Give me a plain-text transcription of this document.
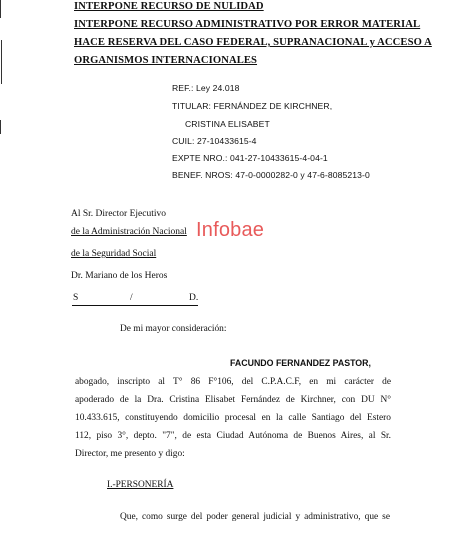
INTERPONE RECURSO DE NULIDAD
INTERPONE RECURSO ADMINISTRATIVO POR ERROR MATERIAL
HACE RESERVA DEL CASO FEDERAL, SUPRANACIONAL y ACCESO A
ORGANISMOS INTERNACIONALES
REF.: Ley 24.018
TITULAR: FERNÁNDEZ DE KIRCHNER,
CRISTINA ELISABET
CUIL: 27-10433615-4
EXPTE NRO.: 041-27-10433615-4-04-1
BENEF. NROS: 47-0-0000282-0 y 47-6-8085213-0
Al Sr. Director Ejecutivo
de la Administración Nacional
de la Seguridad Social
Dr. Mariano de los Heros
S	/	D.
Infobae
De mi mayor consideración:
FACUNDO FERNANDEZ PASTOR,
abogado, inscripto al T° 86 F°106, del C.P.A.C.F, en mi carácter de
apoderado de la Dra. Cristina Elisabet Fernández de Kirchner, con DU N°
10.433.615, constituyendo domicilio procesal en la calle Santiago del Estero
112, piso 3°, depto. "7", de esta Ciudad Autónoma de Buenos Aires, al Sr.
Director, me presento y digo:
I.-PERSONERÍA
Que, como surge del poder general judicial y administrativo, que se
